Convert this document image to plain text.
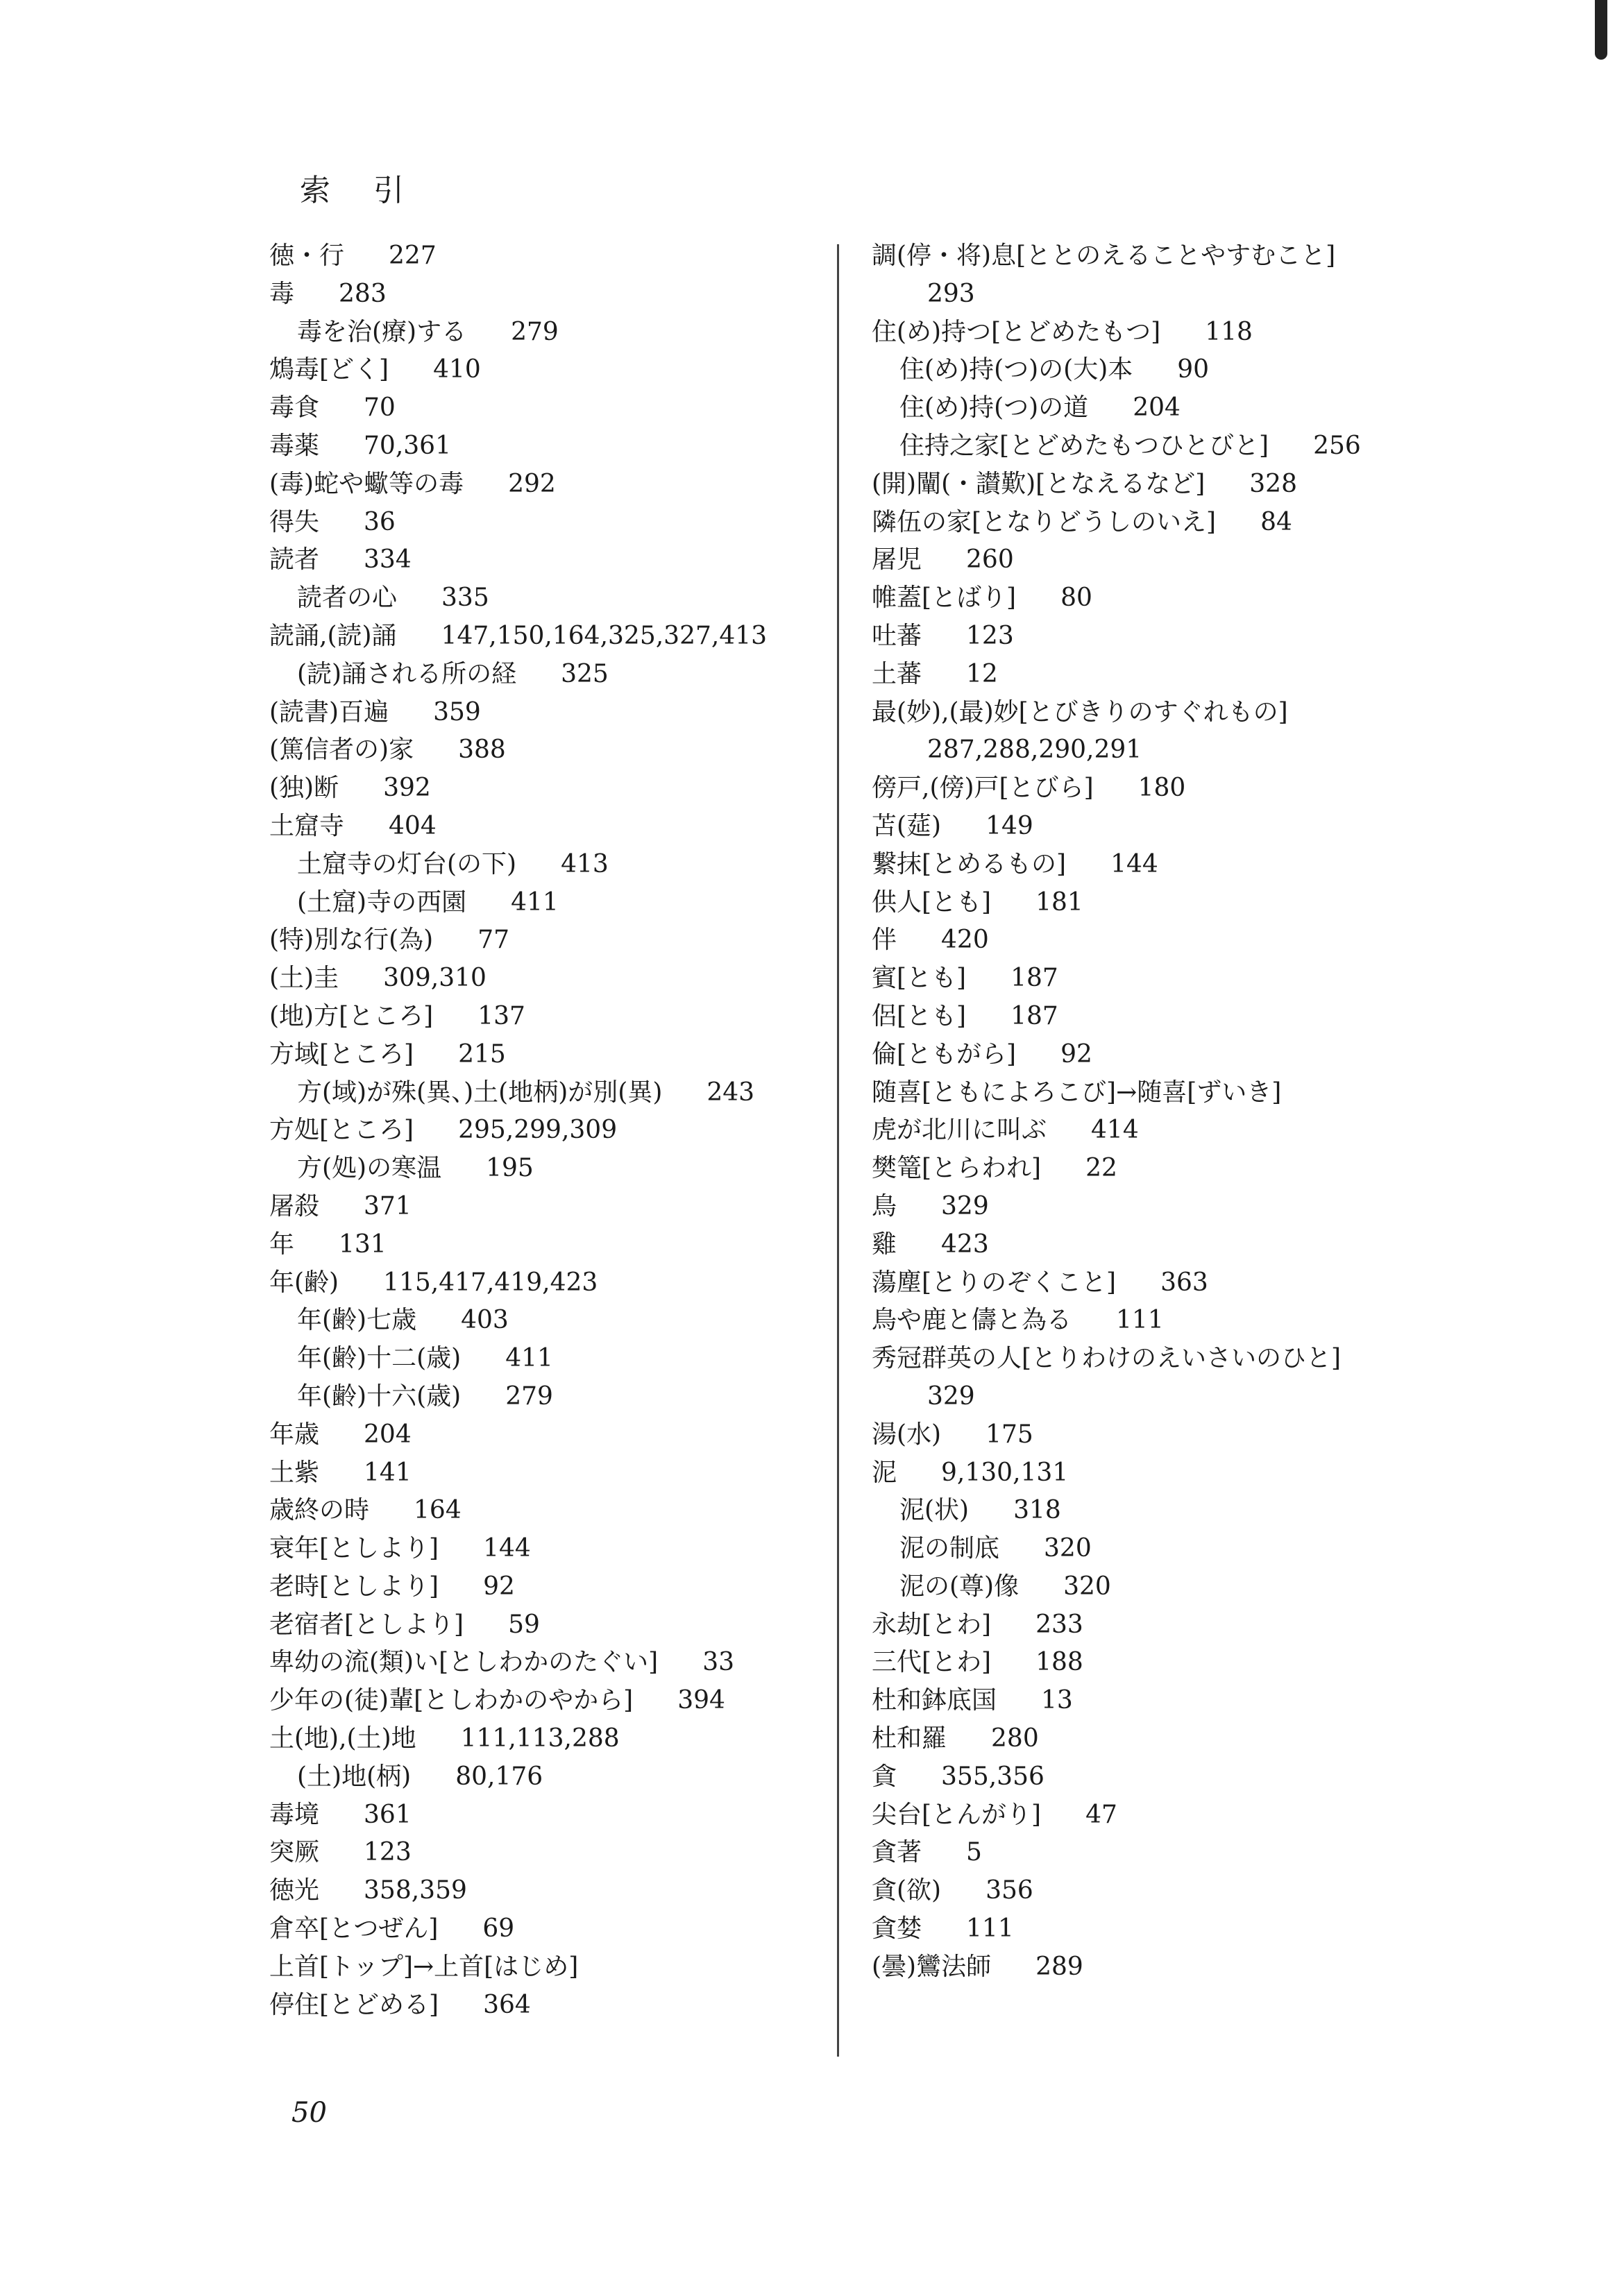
索引
徳・行 227
毒 283
毒を治(療)する 279
鴆毒[どく] 410
毒食 70
毒薬 70,361
(毒)蛇や蠍等の毒 292
得失 36
読者 334
読者の心 335
読誦,(読)誦 147,150,164,325,327,413
(読)誦される所の経 325
(読書)百遍 359
(篤信者の)家 388
(独)断 392
土窟寺 404
土窟寺の灯台(の下) 413
(土窟)寺の西園 411
(特)別な行(為) 77
(土)圭 309,310
(地)方[ところ] 137
方域[ところ] 215
方(域)が殊(異、)土(地柄)が別(異) 243
方処[ところ] 295,299,309
方(処)の寒温 195
屠殺 371
年 131
年(齢) 115,417,419,423
年(齢)七歳 403
年(齢)十二(歳) 411
年(齢)十六(歳) 279
年歳 204
土紫 141
歳終の時 164
衰年[としより] 144
老時[としより] 92
老宿者[としより] 59
卑幼の流(類)い[としわかのたぐい] 33
少年の(徒)輩[としわかのやから] 394
土(地),(土)地 111,113,288
(土)地(柄) 80,176
毒境 361
突厥 123
徳光 358,359
倉卒[とつぜん] 69
上首[トップ]→上首[はじめ]
停住[とどめる] 364
調(停・将)息[ととのえることやすむこと]
293
住(め)持つ[とどめたもつ] 118
住(め)持(つ)の(大)本 90
住(め)持(つ)の道 204
住持之家[とどめたもつひとびと] 256
(開)闡(・讃歎)[となえるなど] 328
隣伍の家[となりどうしのいえ] 84
屠児 260
帷蓋[とばり] 80
吐蕃 123
土蕃 12
最(妙),(最)妙[とびきりのすぐれもの]
287,288,290,291
傍戸,(傍)戸[とびら] 180
苫(莚) 149
繋抹[とめるもの] 144
供人[とも] 181
伴 420
賓[とも] 187
侶[とも] 187
倫[ともがら] 92
随喜[ともによろこび]→随喜[ずいき]
虎が北川に叫ぶ 414
樊篭[とらわれ] 22
鳥 329
雞 423
蕩塵[とりのぞくこと] 363
鳥や鹿と儔と為る 111
秀冠群英の人[とりわけのえいさいのひと]
329
湯(水) 175
泥 9,130,131
泥(状) 318
泥の制底 320
泥の(尊)像 320
永劫[とわ] 233
三代[とわ] 188
杜和鉢底国 13
杜和羅 280
貪 355,356
尖台[とんがり] 47
貪著 5
貪(欲) 356
貪婪 111
(曇)鸞法師 289
50
